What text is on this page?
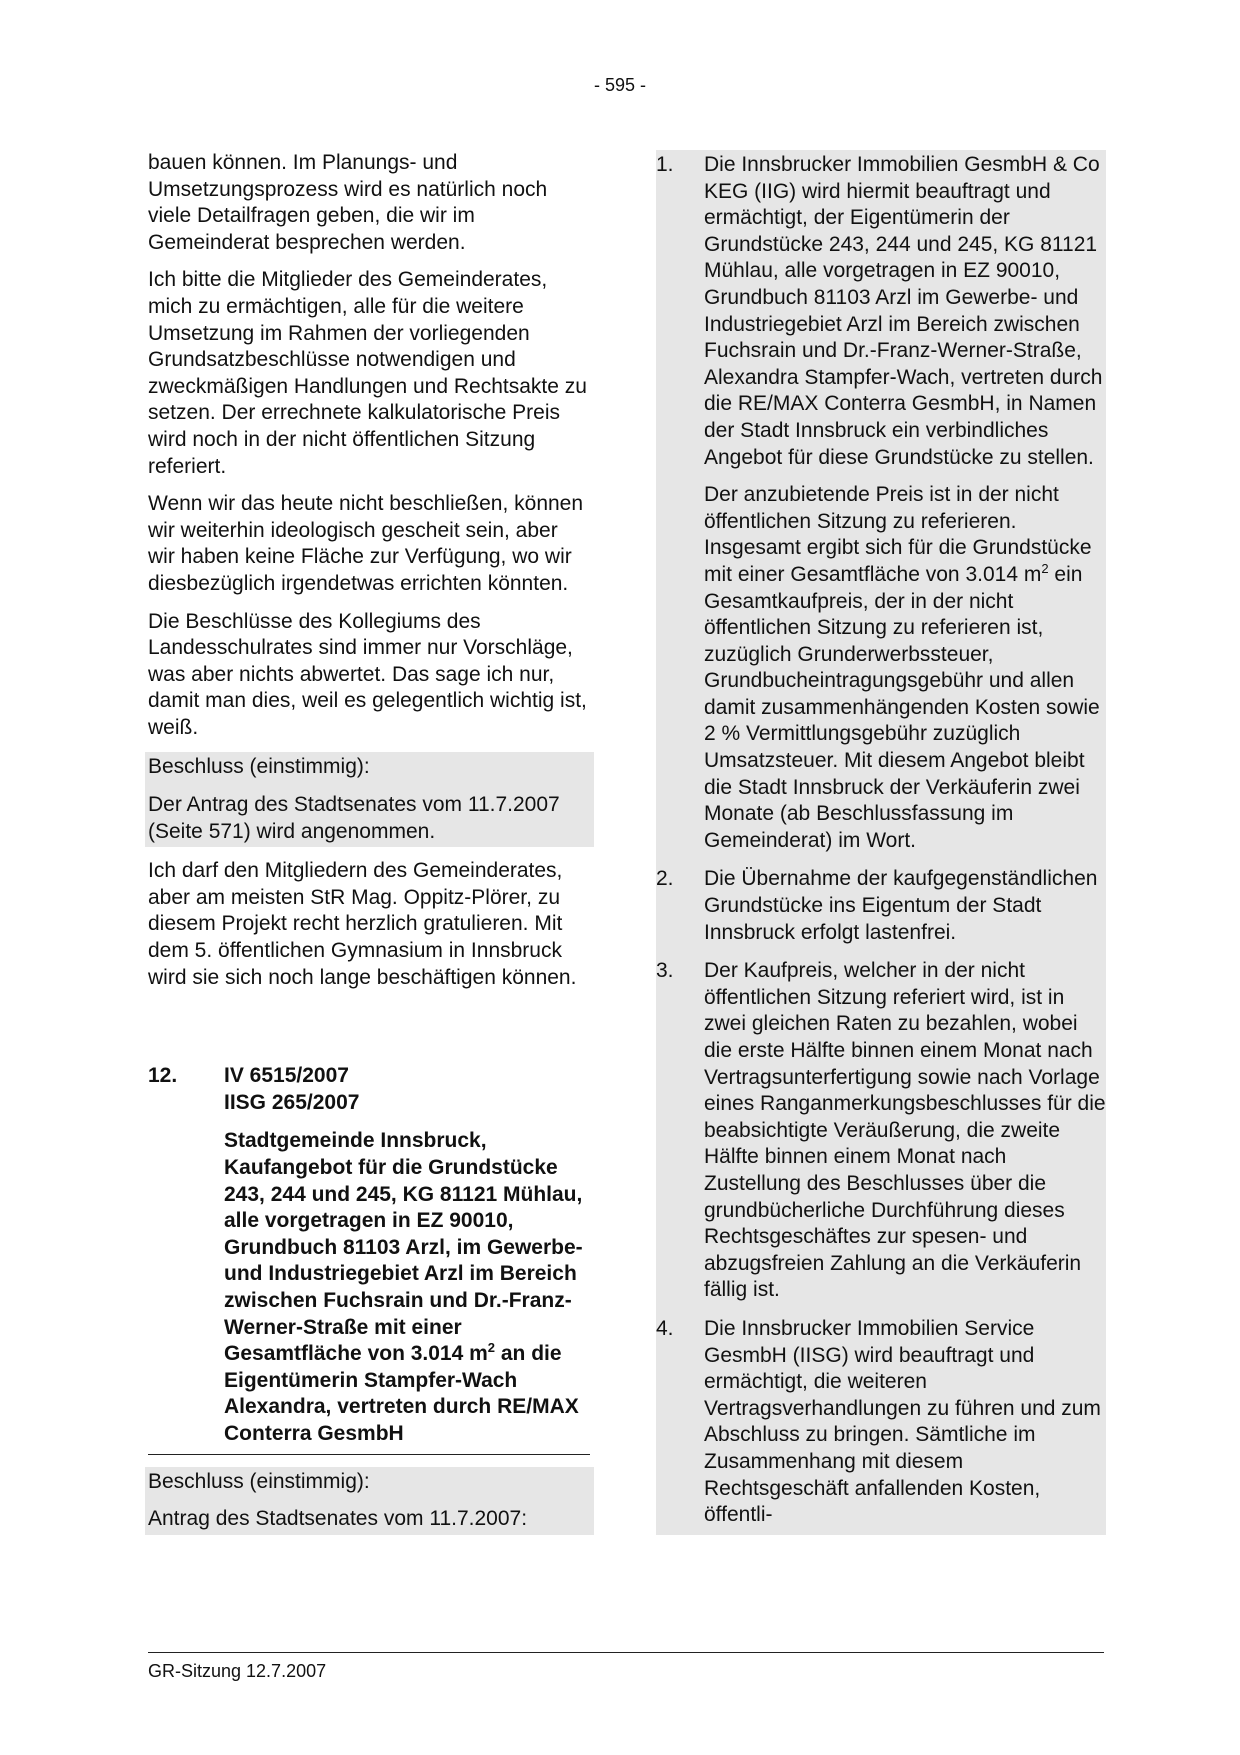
- 595 -

bauen können. Im Planungs- und Umsetzungsprozess wird es natürlich noch viele Detailfragen geben, die wir im Gemeinderat besprechen werden.

Ich bitte die Mitglieder des Gemeinderates, mich zu ermächtigen, alle für die weitere Umsetzung im Rahmen der vorliegenden Grundsatzbeschlüsse notwendigen und zweckmäßigen Handlungen und Rechtsakte zu setzen. Der errechnete kalkulatorische Preis wird noch in der nicht öffentlichen Sitzung referiert.

Wenn wir das heute nicht beschließen, können wir weiterhin ideologisch gescheit sein, aber wir haben keine Fläche zur Verfügung, wo wir diesbezüglich irgendetwas errichten könnten.

Die Beschlüsse des Kollegiums des Landesschulrates sind immer nur Vorschläge, was aber nichts abwertet. Das sage ich nur, damit man dies, weil es gelegentlich wichtig ist, weiß.

Beschluss (einstimmig):

Der Antrag des Stadtsenates vom 11.7.2007 (Seite 571) wird angenommen.

Ich darf den Mitgliedern des Gemeinderates, aber am meisten StR Mag. Oppitz-Plörer, zu diesem Projekt recht herzlich gratulieren. Mit dem 5. öffentlichen Gymnasium in Innsbruck wird sie sich noch lange beschäftigen können.

12.	IV 6515/2007
IISG 265/2007

Stadtgemeinde Innsbruck, Kaufangebot für die Grundstücke 243, 244 und 245, KG 81121 Mühlau, alle vorgetragen in EZ 90010, Grundbuch 81103 Arzl, im Gewerbe- und Industriegebiet Arzl im Bereich zwischen Fuchsrain und Dr.-Franz-Werner-Straße mit einer Gesamtfläche von 3.014 $m^2$ an die Eigentümerin Stampfer-Wach Alexandra, vertreten durch RE/MAX Conterra GesmbH

Beschluss (einstimmig):

Antrag des Stadtsenates vom 11.7.2007:

1.	Die Innsbrucker Immobilien GesmbH & Co KEG (IIG) wird hiermit beauftragt und ermächtigt, der Eigentümerin der Grundstücke 243, 244 und 245, KG 81121 Mühlau, alle vorgetragen in EZ 90010, Grundbuch 81103 Arzl im Gewerbe- und Industriegebiet Arzl im Bereich zwischen Fuchsrain und Dr.-Franz-Werner-Straße, Alexandra Stampfer-Wach, vertreten durch die RE/MAX Conterra GesmbH, in Namen der Stadt Innsbruck ein verbindliches Angebot für diese Grundstücke zu stellen.

Der anzubietende Preis ist in der nicht öffentlichen Sitzung zu referieren. Insgesamt ergibt sich für die Grundstücke mit einer Gesamtfläche von 3.014 $m^2$ ein Gesamtkaufpreis, der in der nicht öffentlichen Sitzung zu referieren ist, zuzüglich Grunderwerbssteuer, Grundbucheintragungsgebühr und allen damit zusammenhängenden Kosten sowie 2 % Vermittlungsgebühr zuzüglich Umsatzsteuer. Mit diesem Angebot bleibt die Stadt Innsbruck der Verkäuferin zwei Monate (ab Beschlussfassung im Gemeinderat) im Wort.

2.	Die Übernahme der kaufgegenständlichen Grundstücke ins Eigentum der Stadt Innsbruck erfolgt lastenfrei.

3.	Der Kaufpreis, welcher in der nicht öffentlichen Sitzung referiert wird, ist in zwei gleichen Raten zu bezahlen, wobei die erste Hälfte binnen einem Monat nach Vertragsunterfertigung sowie nach Vorlage eines Ranganmerkungsbeschlusses für die beabsichtigte Veräußerung, die zweite Hälfte binnen einem Monat nach Zustellung des Beschlusses über die grundbücherliche Durchführung dieses Rechtsgeschäftes zur spesen- und abzugsfreien Zahlung an die Verkäuferin fällig ist.

4.	Die Innsbrucker Immobilien Service GesmbH (IISG) wird beauftragt und ermächtigt, die weiteren Vertragsverhandlungen zu führen und zum Abschluss zu bringen. Sämtliche im Zusammenhang mit diesem Rechtsgeschäft anfallenden Kosten, öffentli-

GR-Sitzung 12.7.2007
